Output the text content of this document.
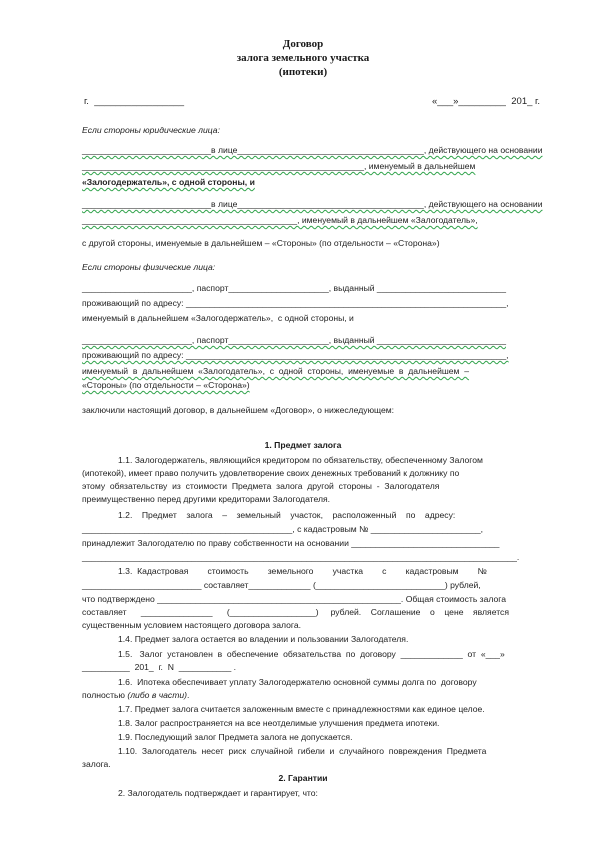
Договор
залога земельного участка
(ипотеки)
г.  _________________	«___»_________  201_ г.
Если стороны юридические лица:
___________________________в лице_______________________________________, действующего на основании
___________________________________________________________, именуемый в дальнейшем
«Залогодержатель», с одной стороны, и
___________________________в лице_______________________________________, действующего на основании
_____________________________________________, именуемый в дальнейшем «Залогодатель»,
с другой стороны, именуемые в дальнейшем – «Стороны» (по отдельности – «Сторона»)
Если стороны физические лица:
_______________________, паспорт_____________________, выданный ___________________________
проживающий по адресу: ___________________________________________________________________,
именуемый в дальнейшем «Залогодержатель»,  с одной стороны, и
_______________________, паспорт_____________________, выданный ___________________________
проживающий по адресу: ___________________________________________________________________,
именуемый  в  дальнейшем  «Залогодатель»,  с  одной  стороны,  именуемые  в  дальнейшем  –
«Стороны» (по отдельности – «Сторона»)
заключили настоящий договор, в дальнейшем «Договор», о нижеследующем:
1. Предмет залога
1.1. Залогодержатель, являющийся кредитором по обязательству, обеспеченному Залогом
(ипотекой), имеет право получить удовлетворение своих денежных требований к должнику по
этому  обязательству  из  стоимости  Предмета  залога  другой  стороны  -  Залогодателя
преимущественно перед другими кредиторами Залогодателя.
1.2.    Предмет    залога    –    земельный    участок,    расположенный    по    адресу:
____________________________________________, с кадастровым № _______________________,
принадлежит Залогодателю по праву собственности на основании _______________________________
___________________________________________________________________________________________.
1.3.  Кадастровая        стоимость        земельного        участка        с        кадастровым        №
_________________________ составляет_____________ (___________________________) рублей,
что подтверждено ___________________________________________________. Общая стоимость залога
составляет      _______________      (__________________)     рублей.    Соглашение    о    цене    является
существенным условием настоящего договора залога.
1.4. Предмет залога остается во владении и пользовании Залогодателя.
1.5.   Залог  установлен  в  обеспечение  обязательства  по  договору  _____________  от  «___»
__________  201_  г.  N  ___________ .
1.6.  Ипотека обеспечивает уплату Залогодержателю основной суммы долга по  договору
полностью (либо в части).
1.7. Предмет залога считается заложенным вместе с принадлежностями как единое целое.
1.8. Залог распространяется на все неотделимые улучшения предмета ипотеки.
1.9. Последующий залог Предмета залога не допускается.
1.10.  Залогодатель  несет  риск  случайной  гибели  и  случайного  повреждения  Предмета
залога.
2. Гарантии
2. Залогодатель подтверждает и гарантирует, что:
